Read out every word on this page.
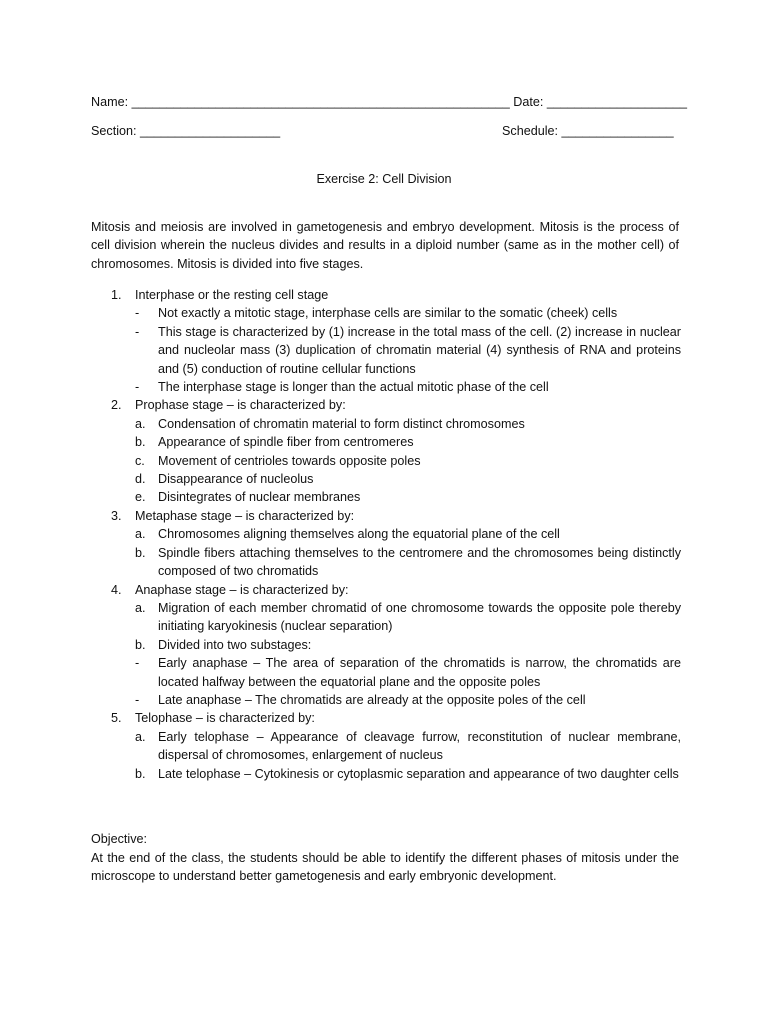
Name: ______________________________________________________ Date: ____________________
Section: ____________________	Schedule: ________________
Exercise 2: Cell Division
Mitosis and meiosis are involved in gametogenesis and embryo development. Mitosis is the process of cell division wherein the nucleus divides and results in a diploid number (same as in the mother cell) of chromosomes. Mitosis is divided into five stages.
1. Interphase or the resting cell stage
- Not exactly a mitotic stage, interphase cells are similar to the somatic (cheek) cells
- This stage is characterized by (1) increase in the total mass of the cell. (2) increase in nuclear and nucleolar mass (3) duplication of chromatin material (4) synthesis of RNA and proteins and (5) conduction of routine cellular functions
- The interphase stage is longer than the actual mitotic phase of the cell
2. Prophase stage – is characterized by:
a. Condensation of chromatin material to form distinct chromosomes
b. Appearance of spindle fiber from centromeres
c. Movement of centrioles towards opposite poles
d. Disappearance of nucleolus
e. Disintegrates of nuclear membranes
3. Metaphase stage – is characterized by:
a. Chromosomes aligning themselves along the equatorial plane of the cell
b. Spindle fibers attaching themselves to the centromere and the chromosomes being distinctly composed of two chromatids
4. Anaphase stage – is characterized by:
a. Migration of each member chromatid of one chromosome towards the opposite pole thereby initiating karyokinesis (nuclear separation)
b. Divided into two substages:
- Early anaphase – The area of separation of the chromatids is narrow, the chromatids are located halfway between the equatorial plane and the opposite poles
- Late anaphase – The chromatids are already at the opposite poles of the cell
5. Telophase – is characterized by:
a. Early telophase – Appearance of cleavage furrow, reconstitution of nuclear membrane, dispersal of chromosomes, enlargement of nucleus
b. Late telophase – Cytokinesis or cytoplasmic separation and appearance of two daughter cells
Objective:
At the end of the class, the students should be able to identify the different phases of mitosis under the microscope to understand better gametogenesis and early embryonic development.
